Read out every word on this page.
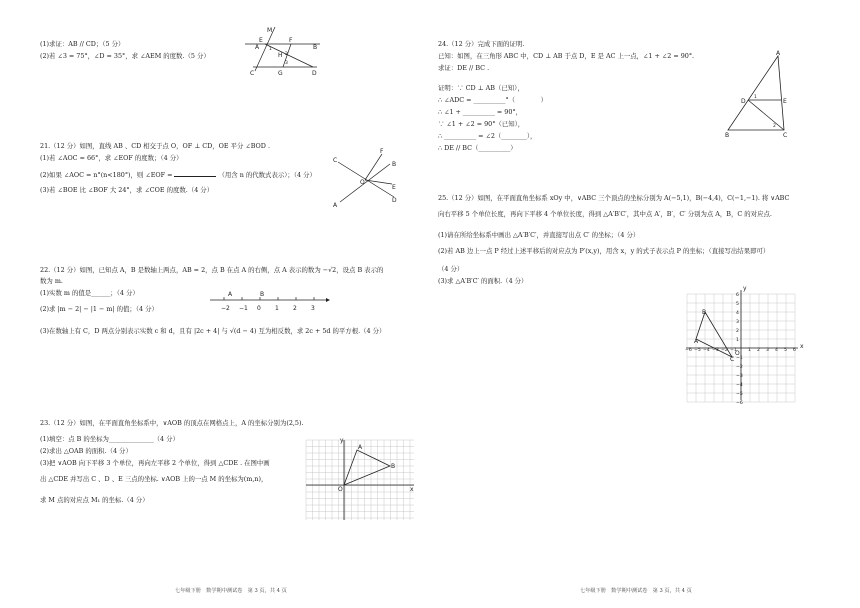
(1)求证：AB // CD；（5 分）
(2)若 ∠3 = 75°，∠D = 35°，求 ∠AEM 的度数.（5 分）
M
E	F
B
A
H
C	G	D
1
2
3
21.（12 分）如图，直线 AB 、CD 相交于点 O，OF ⊥ CD，OE 平分 ∠BOD .
(1)若 ∠AOC = 66°，求 ∠EOF 的度数；（4 分）
(2)如果 ∠AOC = n°(n<180°)，则 ∠EOF =	（用含 n 的代数式表示）；（4 分）
(3)若 ∠BOE 比 ∠BOF 大 24°，求 ∠COE 的度数.（4 分）
C
F
B
O
E
A
D
22.（12 分）如图，已知点 A，B 是数轴上两点，AB = 2，点 B 在点 A 的右侧，点 A 表示的数为 −√2，设点 B 表示的
数为 m.
(1)实数 m 的值是______；（4 分）
(2)求 |m − 2| − |1 − m| 的值；（4 分）
(3)在数轴上有 C，D 两点分别表示实数 c 和 d，且有 |2c + 4| 与 √(d − 4) 互为相反数，求 2c + 5d 的平方根.（4 分）
−2 −1 0 1 2 3
A	B
23.（12 分）如图，在平面直角坐标系中，∨AOB 的顶点在网格点上，A 的坐标分别为(2,5).
(1)填空：点 B 的坐标为______________（4 分）
(2)求出 △OAB 的面积.（4 分）
(3)把 ∨AOB 向下平移 3 个单位，再向左平移 2 个单位，得到 △CDE . 在图中画
出 △CDE 并写出 C 、D 、E 三点的坐标. ∨AOB 上的一点 M 的坐标为(m,n)，
求 M 点的对应点 M₁ 的坐标.（4 分）
y
x
O
A
B
七年级下册　数学期中测试卷　第 3 页，共 4 页
24.（12 分）完成下面的证明.
已知：如图，在三角形 ABC 中，CD ⊥ AB 于点 D，E 是 AC 上一点，∠1 + ∠2 = 90°.
求证：DE // BC .
证明：∵ CD ⊥ AB（已知），
∴ ∠ADC = __________°（　　　　）
∴ ∠1 + __________ = 90°，
∵ ∠1 + ∠2 = 90°（已知），
∴ __________ = ∠2（________），
∴ DE // BC（__________）
A
D	E
B	C
1
2
25.（12 分）如图，在平面直角坐标系 xOy 中，∨ABC 三个顶点的坐标分别为 A(−5,1)，B(−4,4)，C(−1,−1). 将 ∨ABC
向右平移 5 个单位长度，再向下平移 4 个单位长度，得到 △A′B′C′，其中点 A′，B′，C′ 分别为点 A，B，C 的对应点.
(1)请在所给坐标系中画出 △A′B′C′，并直接写出点 C′ 的坐标；（4 分）
(2)若 AB 边上一点 P 经过上述平移后的对应点为 P′(x,y)，用含 x，y 的式子表示点 P 的坐标；（直接写出结果即可）
（4 分）
(3)求 △A′B′C′ 的面积.（4 分）
−6 −5 −4 −3 −2 −1 1 2 3 4 5 6
6
5
4
3
2
1
−1
−2
−3
−4
−5
−6
y
x
O
A
B
C
七年级下册　数学期中测试卷　第 3 页，共 4 页
